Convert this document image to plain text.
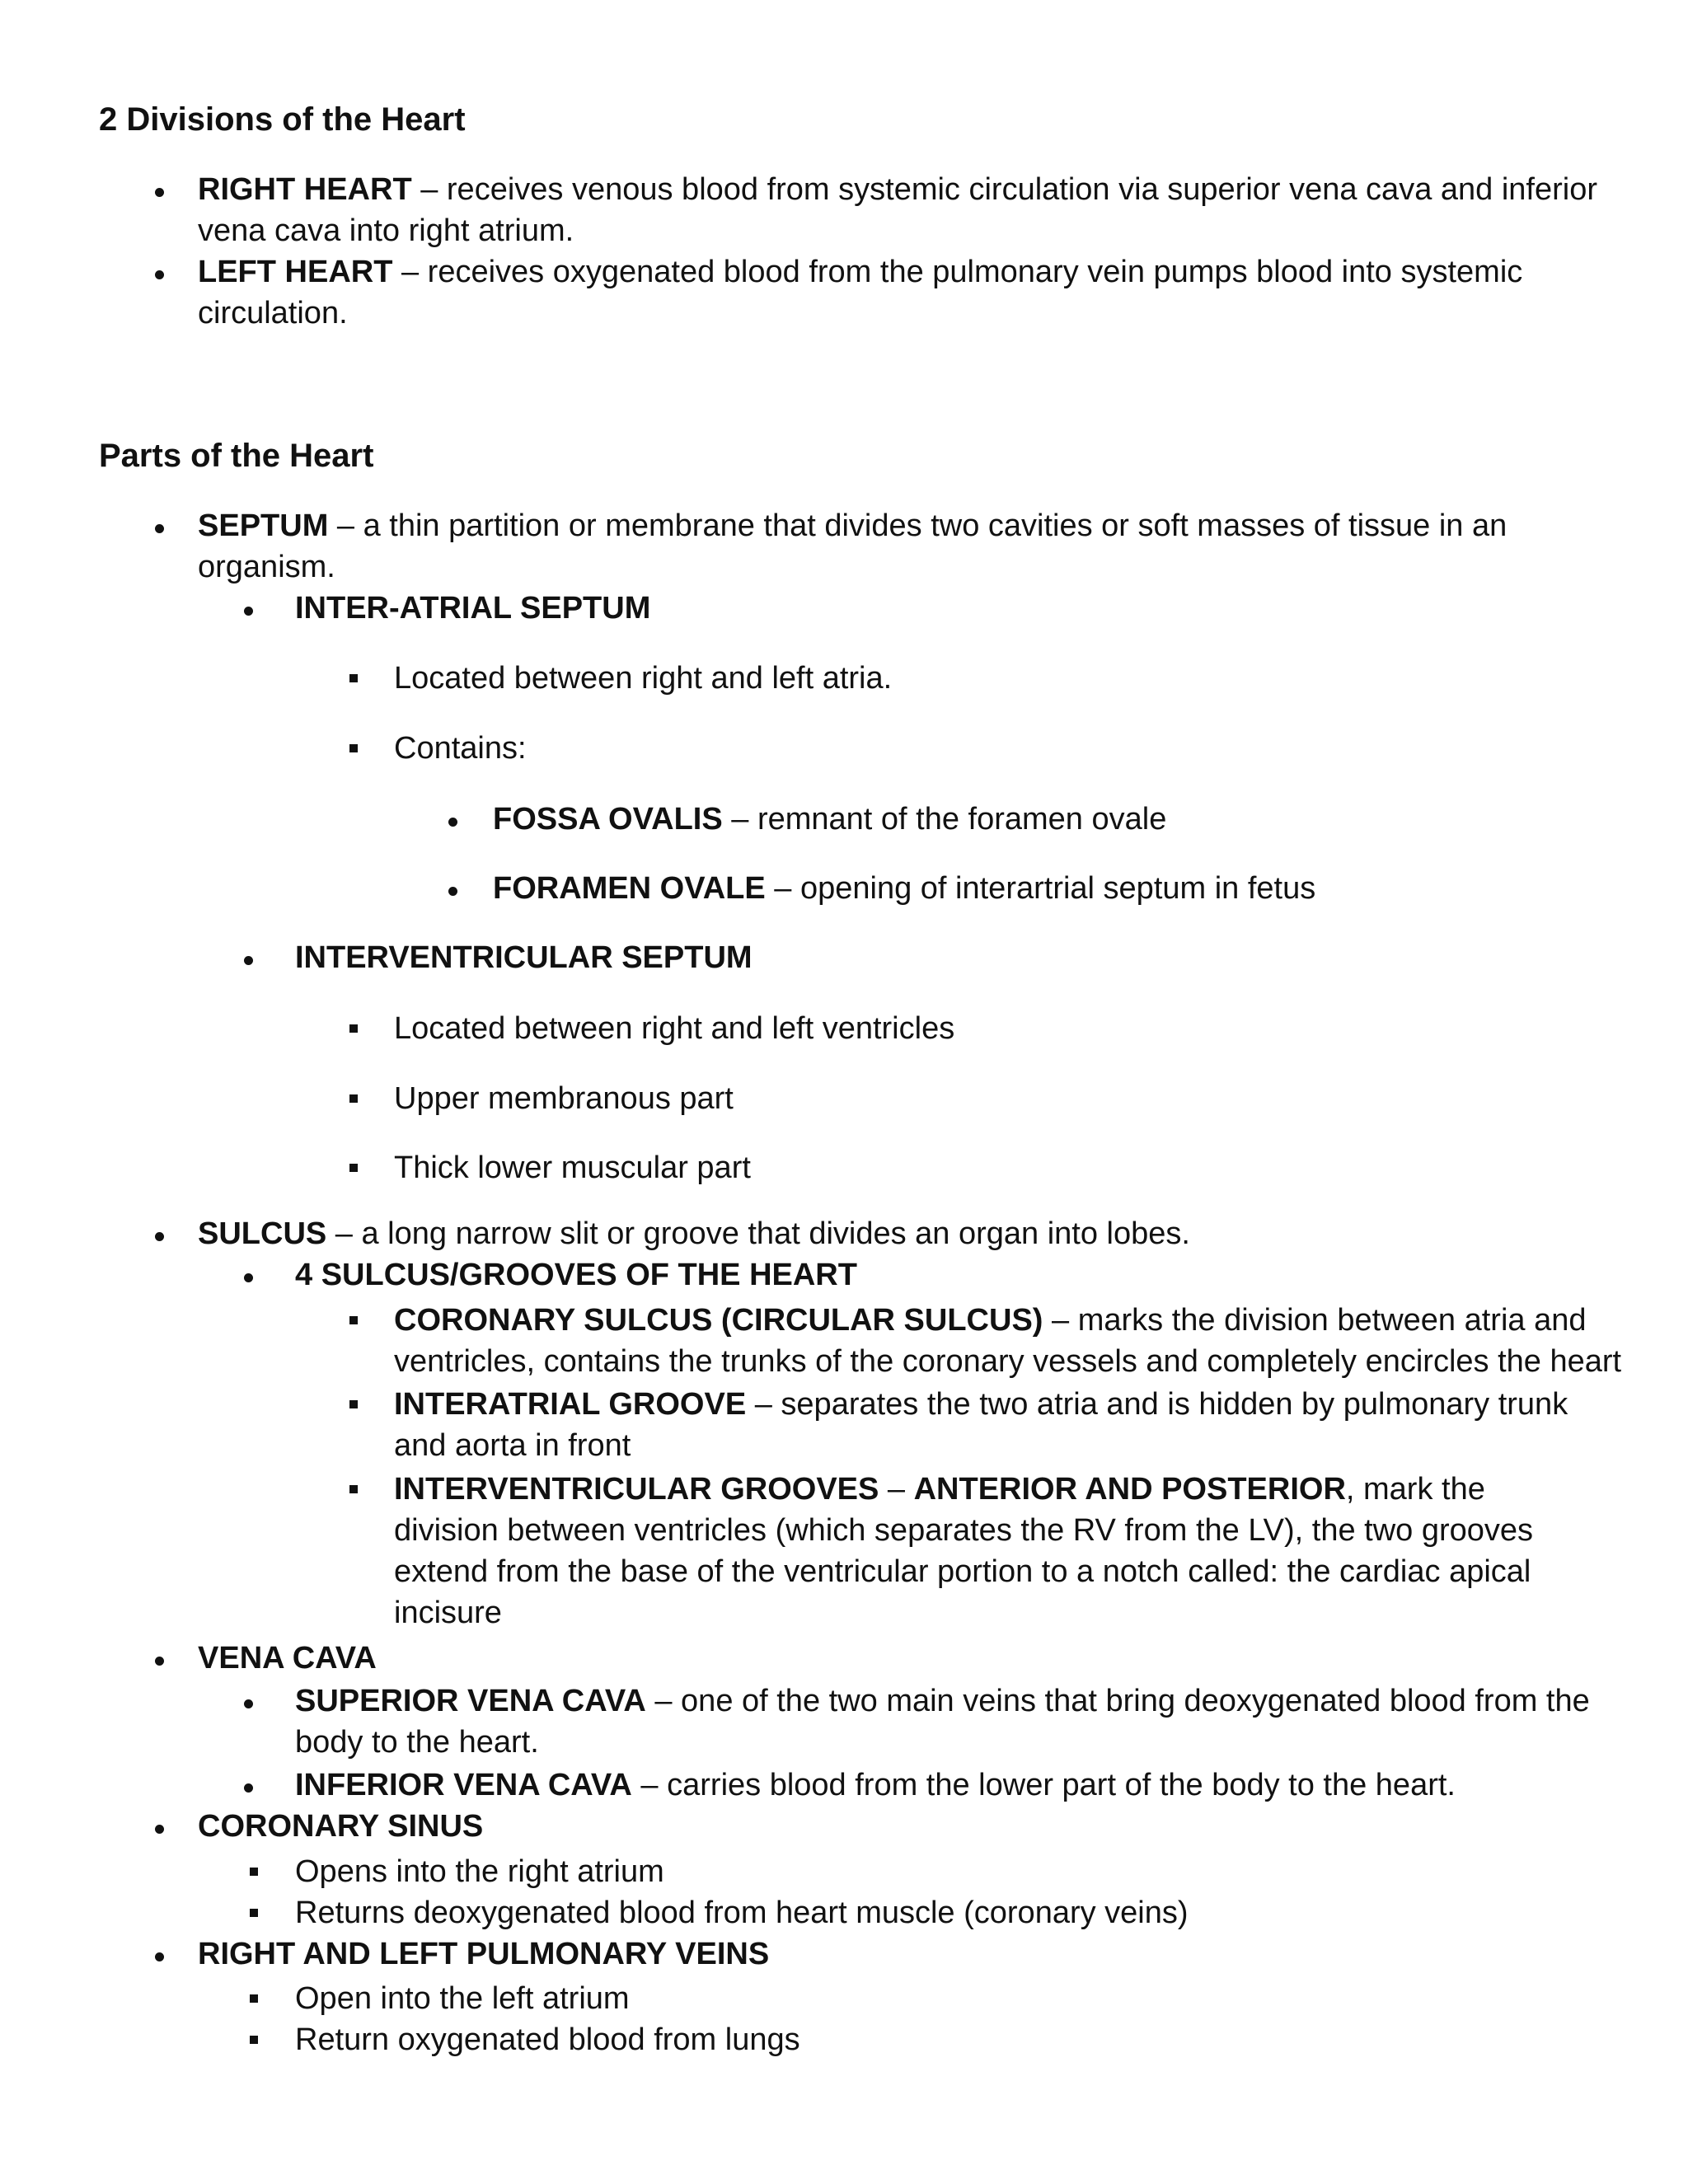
2 Divisions of the Heart
RIGHT HEART – receives venous blood from systemic circulation via superior vena cava and inferior
vena cava into right atrium.
LEFT HEART – receives oxygenated blood from the pulmonary vein pumps blood into systemic
circulation.
Parts of the Heart
SEPTUM – a thin partition or membrane that divides two cavities or soft masses of tissue in an
organism.
INTER-ATRIAL SEPTUM
Located between right and left atria.
Contains:
FOSSA OVALIS – remnant of the foramen ovale
FORAMEN OVALE – opening of interartrial septum in fetus
INTERVENTRICULAR SEPTUM
Located between right and left ventricles
Upper membranous part
Thick lower muscular part
SULCUS – a long narrow slit or groove that divides an organ into lobes.
4 SULCUS/GROOVES OF THE HEART
CORONARY SULCUS (CIRCULAR SULCUS) – marks the division between atria and
ventricles, contains the trunks of the coronary vessels and completely encircles the heart
INTERATRIAL GROOVE – separates the two atria and is hidden by pulmonary trunk
and aorta in front
INTERVENTRICULAR GROOVES – ANTERIOR AND POSTERIOR, mark the
division between ventricles (which separates the RV from the LV), the two grooves
extend from the base of the ventricular portion to a notch called: the cardiac apical
incisure
VENA CAVA
SUPERIOR VENA CAVA – one of the two main veins that bring deoxygenated blood from the
body to the heart.
INFERIOR VENA CAVA – carries blood from the lower part of the body to the heart.
CORONARY SINUS
Opens into the right atrium
Returns deoxygenated blood from heart muscle (coronary veins)
RIGHT AND LEFT PULMONARY VEINS
Open into the left atrium
Return oxygenated blood from lungs
